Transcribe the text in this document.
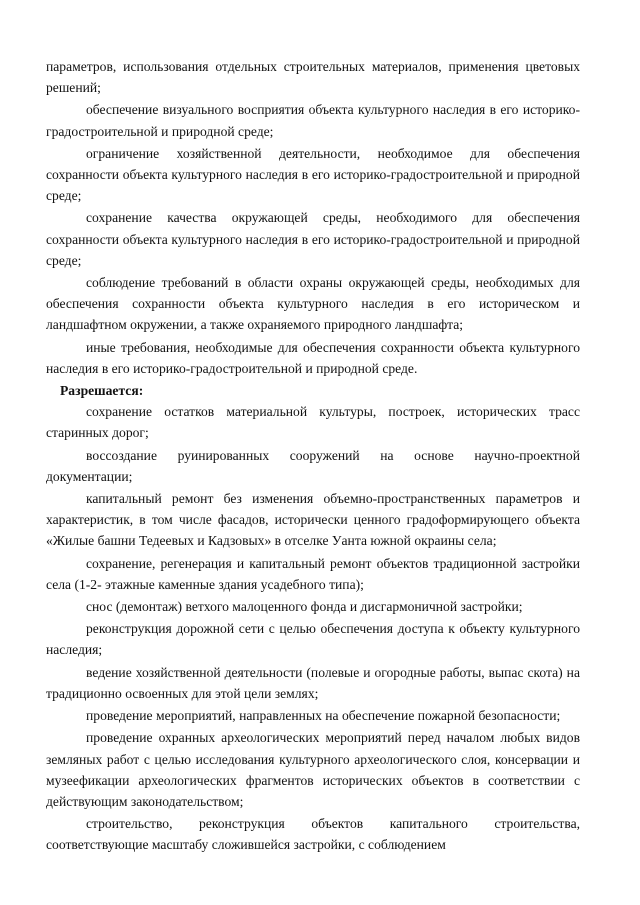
параметров, использования отдельных строительных материалов, применения цветовых решений;

обеспечение визуального восприятия объекта культурного наследия в его историко-градостроительной и природной среде;

ограничение хозяйственной деятельности, необходимое для обеспечения сохранности объекта культурного наследия в его историко-градостроительной и природной среде;

сохранение качества окружающей среды, необходимого для обеспечения сохранности объекта культурного наследия в его историко-градостроительной и природной среде;

соблюдение требований в области охраны окружающей среды, необходимых для обеспечения сохранности объекта культурного наследия в его историческом и ландшафтном окружении, а также охраняемого природного ландшафта;

иные требования, необходимые для обеспечения сохранности объекта культурного наследия в его историко-градостроительной и природной среде.

Разрешается:

сохранение остатков материальной культуры, построек, исторических трасс старинных дорог;

воссоздание руинированных сооружений на основе научно-проектной документации;

капитальный ремонт без изменения объемно-пространственных параметров и характеристик, в том числе фасадов, исторически ценного градоформирующего объекта «Жилые башни Тедеевых и Кадзовых» в отселке Уанта южной окраины села;

сохранение, регенерация и капитальный ремонт объектов традиционной застройки села (1-2- этажные каменные здания усадебного типа);

снос (демонтаж) ветхого малоценного фонда и дисгармоничной застройки;

реконструкция дорожной сети с целью обеспечения доступа к объекту культурного наследия;

ведение хозяйственной деятельности (полевые и огородные работы, выпас скота) на традиционно освоенных для этой цели землях;

проведение мероприятий, направленных на обеспечение пожарной безопасности;

проведение охранных археологических мероприятий перед началом любых видов земляных работ с целью исследования культурного археологического слоя, консервации и музеефикации археологических фрагментов исторических объектов в соответствии с действующим законодательством;

строительство, реконструкция объектов капитального строительства, соответствующие масштабу сложившейся застройки, с соблюдением
